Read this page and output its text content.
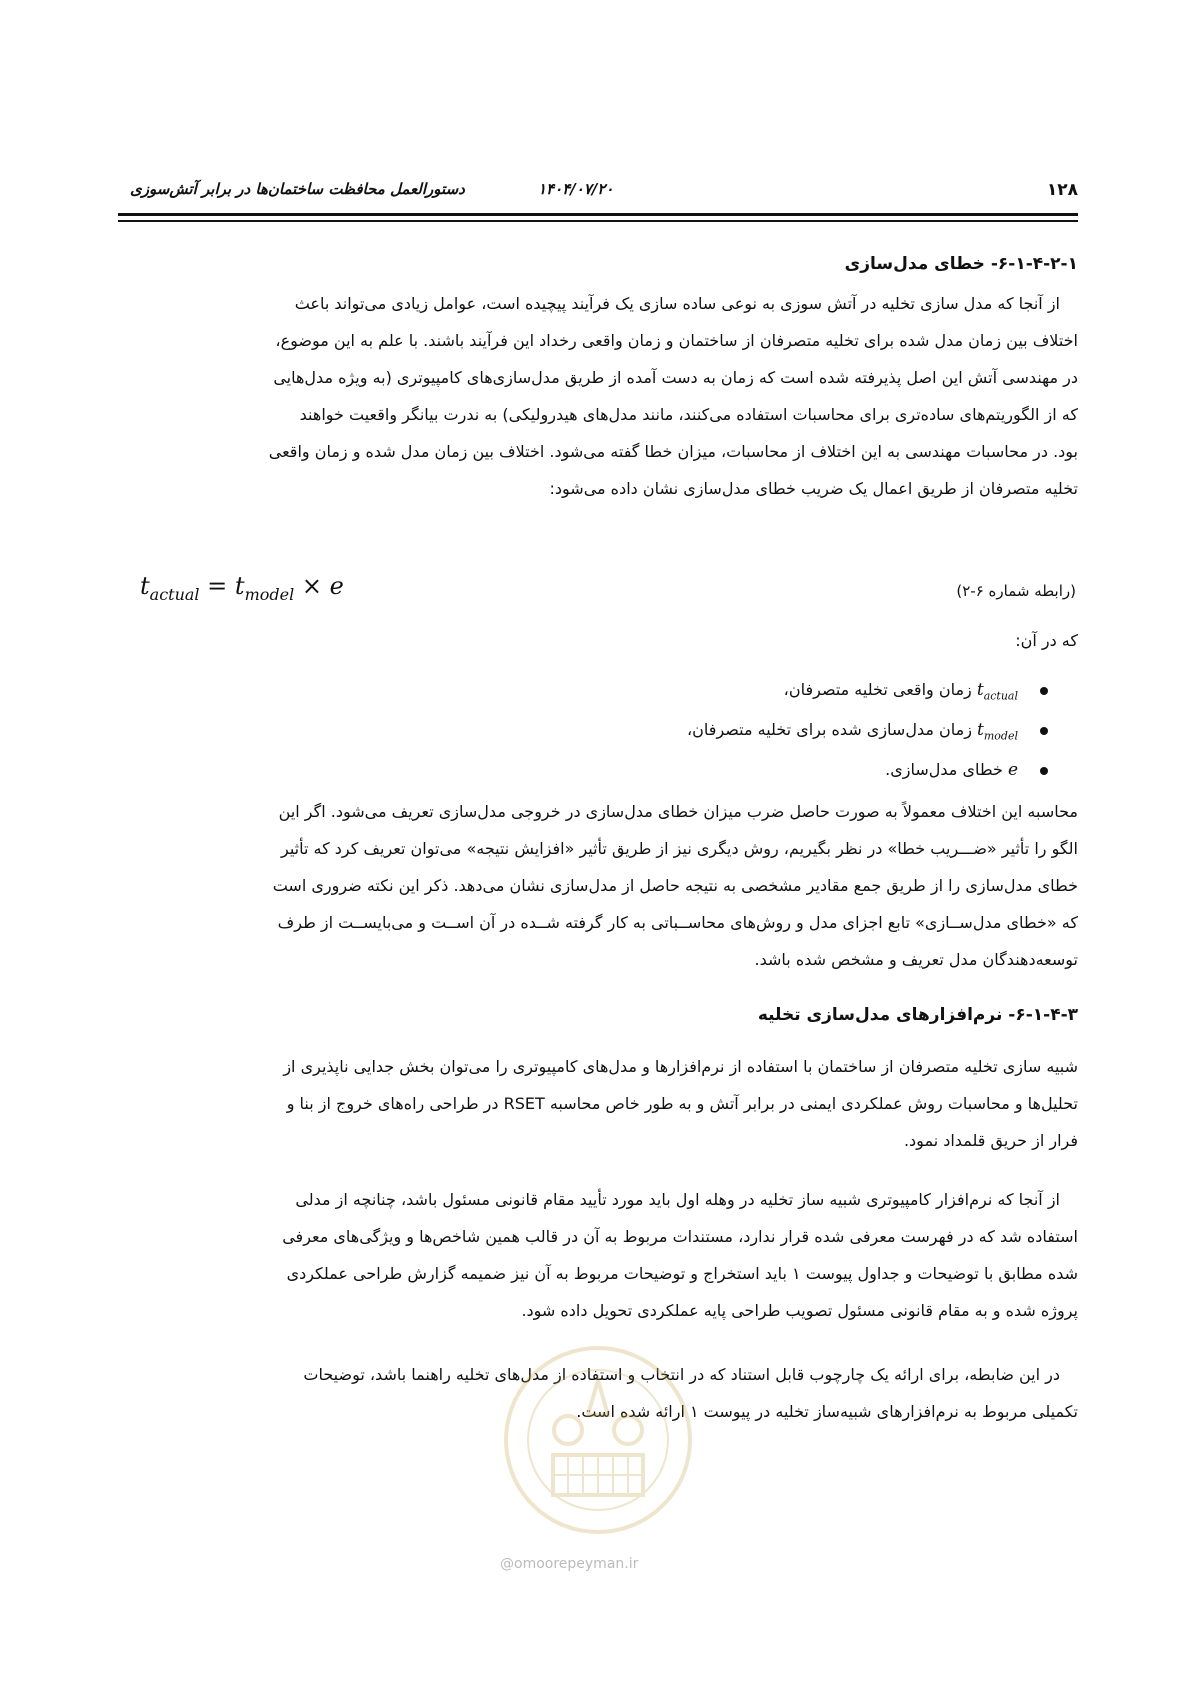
۱۲۸
۱۴۰۴/۰۷/۲۰
دستورالعمل محافظت ساختمان‌ها در برابر آتش‌سوزی
۶-۱-۴-۲-۱- خطای مدل‌سازی
از آنجا که مدل سازی تخلیه در آتش سوزی به نوعی ساده سازی یک فرآیند پیچیده است، عوامل زیادی می‌تواند باعث
اختلاف بین زمان مدل شده برای تخلیه متصرفان از ساختمان و زمان واقعی رخداد این فرآیند باشند. با علم به این موضوع،
در مهندسی آتش این اصل پذیرفته شده است که زمان به دست آمده از طریق مدل‌سازی‌های کامپیوتری (به ویژه مدل‌هایی
که از الگوریتم‌های ساده‌تری برای محاسبات استفاده می‌کنند، مانند مدل‌های هیدرولیکی) به ندرت بیانگر واقعیت خواهند
بود. در محاسبات مهندسی به این اختلاف از محاسبات، میزان خطا گفته می‌شود. اختلاف بین زمان مدل شده و زمان واقعی
تخلیه متصرفان از طریق اعمال یک ضریب خطای مدل‌سازی نشان داده می‌شود:
$t_{actual} = t_{model} \times e$	(رابطه شماره ۶-۲)
که در آن:
$t_{actual}$ زمان واقعی تخلیه متصرفان،
$t_{model}$ زمان مدل‌سازی شده برای تخلیه متصرفان،
e خطای مدل‌سازی.
محاسبه این اختلاف معمولاً به صورت حاصل ضرب میزان خطای مدل‌سازی در خروجی مدل‌سازی تعریف می‌شود. اگر این
الگو را تأثیر «ضـــریب خطا» در نظر بگیریم، روش دیگری نیز از طریق تأثیر «افزایش نتیجه» می‌توان تعریف کرد که تأثیر
خطای مدل‌سازی را از طریق جمع مقادیر مشخصی به نتیجه حاصل از مدل‌سازی نشان می‌دهد. ذکر این نکته ضروری است
که «خطای مدل‌ســازی» تابع اجزای مدل و روش‌های محاســباتی به کار گرفته شــده در آن اســت و می‌بایســت از طرف
توسعه‌دهندگان مدل تعریف و مشخص شده باشد.
۶-۱-۴-۳- نرم‌افزارهای مدل‌سازی تخلیه
شبیه سازی تخلیه متصرفان از ساختمان با استفاده از نرم‌افزارها و مدل‌های کامپیوتری را می‌توان بخش جدایی ناپذیری از
تحلیل‌ها و محاسبات روش عملکردی ایمنی در برابر آتش و به طور خاص محاسبه RSET در طراحی راه‌های خروج از بنا و
فرار از حریق قلمداد نمود.
از آنجا که نرم‌افزار کامپیوتری شبیه ساز تخلیه در وهله اول باید مورد تأیید مقام قانونی مسئول باشد، چنانچه از مدلی
استفاده شد که در فهرست معرفی شده قرار ندارد، مستندات مربوط به آن در قالب همین شاخص‌ها و ویژگی‌های معرفی
شده مطابق با توضیحات و جداول پیوست ۱ باید استخراج و توضیحات مربوط به آن نیز ضمیمه گزارش طراحی عملکردی
پروژه شده و به مقام قانونی مسئول تصویب طراحی پایه عملکردی تحویل داده شود.
در این ضابطه، برای ارائه یک چارچوب قابل استناد که در انتخاب و استفاده از مدل‌های تخلیه راهنما باشد، توضیحات
تکمیلی مربوط به نرم‌افزارهای شبیه‌ساز تخلیه در پیوست ۱ ارائه شده است.
@omoorepeyman.ir
